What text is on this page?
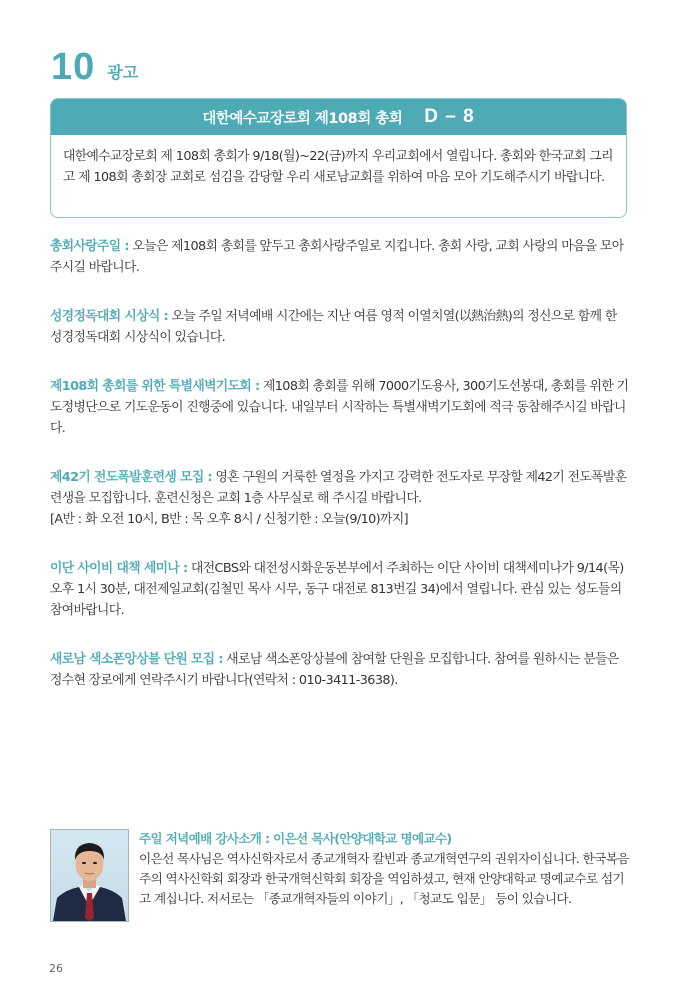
10 광고
대한예수교장로회 제108회 총회 D – 8
대한예수교장로회 제 108회 총회가 9/18(월)~22(금)까지 우리교회에서 열립니다. 총회와 한국교회 그리고 제 108회 총회장 교회로 섬김을 감당할 우리 새로남교회를 위하여 마음 모아 기도해주시기 바랍니다.
총회사랑주일 : 오늘은 제108회 총회를 앞두고 총회사랑주일로 지킵니다. 총회 사랑, 교회 사랑의 마음을 모아 주시길 바랍니다.
성경정독대회 시상식 : 오늘 주일 저녁예배 시간에는 지난 여름 영적 이열치열(以熱治熱)의 정신으로 함께 한 성경정독대회 시상식이 있습니다.
제108회 총회를 위한 특별새벽기도회 : 제108회 총회를 위해 7000기도용사, 300기도선봉대, 총회를 위한 기도정병단으로 기도운동이 진행중에 있습니다. 내일부터 시작하는 특별새벽기도회에 적극 동참해주시길 바랍니다.
제42기 전도폭발훈련생 모집 : 영혼 구원의 거룩한 열정을 가지고 강력한 전도자로 무장할 제42기 전도폭발훈련생을 모집합니다. 훈련신청은 교회 1층 사무실로 해 주시길 바랍니다.
[A반 : 화 오전 10시, B반 : 목 오후 8시 / 신청기한 : 오늘(9/10)까지]
이단 사이비 대책 세미나 : 대전CBS와 대전성시화운동본부에서 주최하는 이단 사이비 대책세미나가 9/14(목) 오후 1시 30분, 대전제일교회(김철민 목사 시무, 동구 대전로 813번길 34)에서 열립니다. 관심 있는 성도들의 참여바랍니다.
새로남 색소폰앙상블 단원 모집 : 새로남 색소폰앙상블에 참여할 단원을 모집합니다. 참여를 원하시는 분들은 정수현 장로에게 연락주시기 바랍니다(연락처 : 010-3411-3638).
주일 저녁예배 강사소개 : 이은선 목사(안양대학교 명예교수)
이은선 목사님은 역사신학자로서 종교개혁자 칼빈과 종교개혁연구의 권위자이십니다. 한국복음주의 역사신학회 회장과 한국개혁신학회 회장을 역임하셨고, 현재 안양대학교 명예교수로 섬기고 계십니다. 저서로는 「종교개혁자들의 이야기」, 「청교도 입문」 등이 있습니다.
26
